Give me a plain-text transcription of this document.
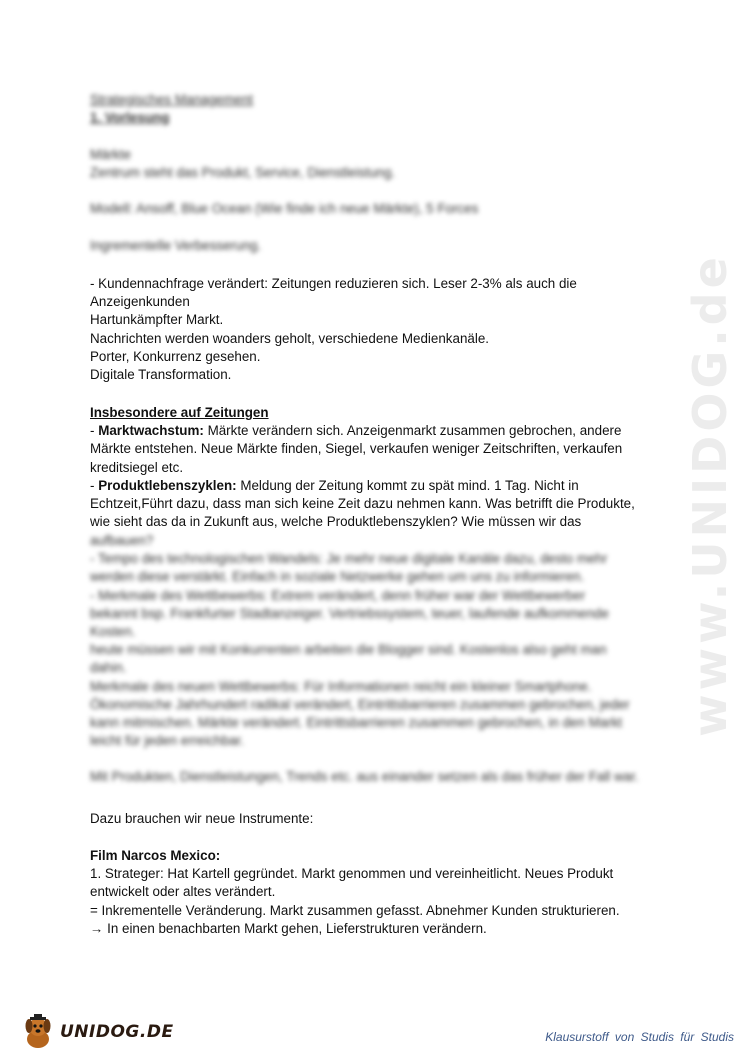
www.UNIDOG.de

Strategisches Management

1. Vorlesung

Märkte

Zentrum steht das Produkt, Service, Dienstleistung.

Modell: Ansoff, Blue Ocean (Wie finde ich neue Märkte), 5 Forces

Ingrementelle Verbesserung.

- Kundennachfrage verändert: Zeitungen reduzieren sich. Leser 2-3% als auch die

Anzeigenkunden

Hartunkämpfter Markt.

Nachrichten werden woanders geholt, verschiedene Medienkanäle.

Porter, Konkurrenz gesehen.

Digitale Transformation.

Insbesondere auf Zeitungen

- Marktwachstum: Märkte verändern sich. Anzeigenmarkt zusammen gebrochen, andere

Märkte entstehen. Neue Märkte finden, Siegel, verkaufen weniger Zeitschriften, verkaufen

kreditsiegel etc.

- Produktlebenszyklen: Meldung der Zeitung kommt zu spät mind. 1 Tag. Nicht in

Echtzeit,Führt dazu, dass man sich keine Zeit dazu nehmen kann. Was betrifft die Produkte,

wie sieht das da in Zukunft aus, welche Produktlebenszyklen? Wie müssen wir das

aufbauen?

- Tempo des technologischen Wandels: Je mehr neue digitale Kanäle dazu, desto mehr

werden diese verstärkt. Einfach in soziale Netzwerke gehen um uns zu informieren.

- Merkmale des Wettbewerbs: Extrem verändert, denn früher war der Wettbewerber

bekannt bsp. Frankfurter Stadtanzeiger. Vertriebssystem, teuer, laufende aufkommende

Kosten.

heute müssen wir mit Konkurrenten arbeiten die Blogger sind. Kostenlos also geht man

dahin.

Merkmale des neuen Wettbewerbs: Für Informationen reicht ein kleiner Smartphone.

Ökonomische Jahrhundert radikal verändert, Eintrittsbarrieren zusammen gebrochen, jeder

kann mitmischen. Märkte verändert. Eintrittsbarrieren zusammen gebrochen, in den Markt

leicht für jeden erreichbar.

Mit Produkten, Dienstleistungen, Trends etc. aus einander setzen als das früher der Fall war.

Dazu brauchen wir neue Instrumente:

Film Narcos Mexico:

1. Strateger: Hat Kartell gegründet. Markt genommen und vereinheitlicht. Neues Produkt

entwickelt oder altes verändert.

= Inkrementelle Veränderung. Markt zusammen gefasst. Abnehmer Kunden strukturieren.

→ In einen benachbarten Markt gehen, Lieferstrukturen verändern.

UNIDOG.DE	Klausurstoff von Studis für Studis
